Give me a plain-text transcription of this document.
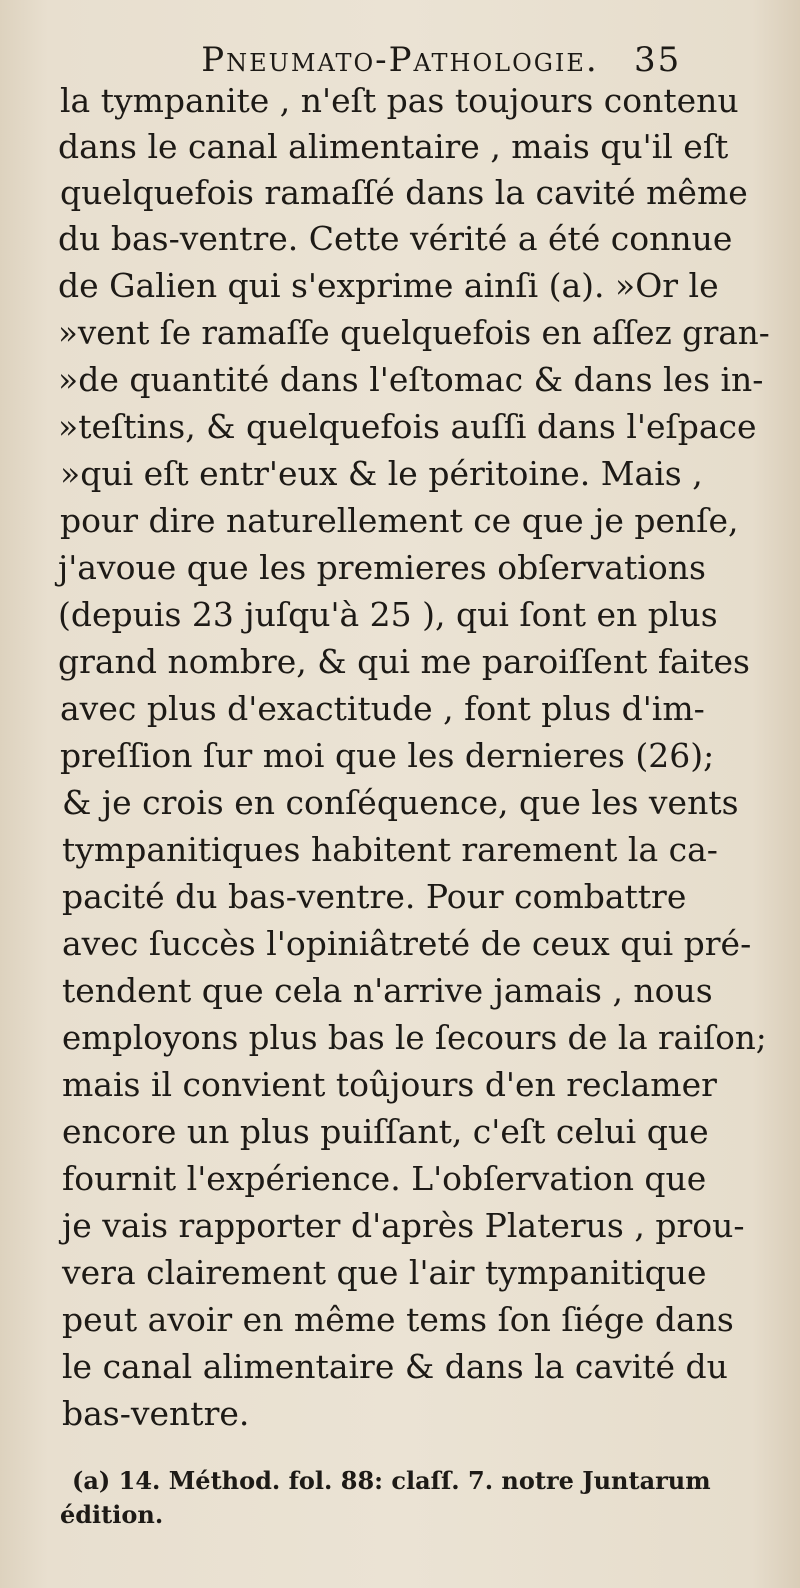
Pneumato-Pathologie. 35
la tympanite , n'eſt pas toujours contenu
dans le canal alimentaire , mais qu'il eſt
quelquefois ramaſſé dans la cavité même
du bas-ventre. Cette vérité a été connue
de Galien qui s'exprime ainſi (a). »Or le
»vent ſe ramaſſe quelquefois en aſſez gran-
»de quantité dans l'eſtomac & dans les in-
»teſtins, & quelquefois auſſi dans l'eſpace
»qui eſt entr'eux & le péritoine. Mais ,
pour dire naturellement ce que je penſe,
j'avoue que les premieres obſervations
(depuis 23 juſqu'à 25 ), qui ſont en plus
grand nombre, & qui me paroiſſent faites
avec plus d'exactitude , font plus d'im-
preſſion ſur moi que les dernieres (26);
& je crois en conſéquence, que les vents
tympanitiques habitent rarement la ca-
pacité du bas-ventre. Pour combattre
avec ſuccès l'opiniâtreté de ceux qui pré-
tendent que cela n'arrive jamais , nous
employons plus bas le ſecours de la raiſon;
mais il convient toûjours d'en reclamer
encore un plus puiſſant, c'eſt celui que
fournit l'expérience. L'obſervation que
je vais rapporter d'après Platerus , prou-
vera clairement que l'air tympanitique
peut avoir en même tems ſon ſiége dans
le canal alimentaire & dans la cavité du
bas-ventre.
(a) 14. Méthod. fol. 88: claſſ. 7. notre Juntarum
édition.
